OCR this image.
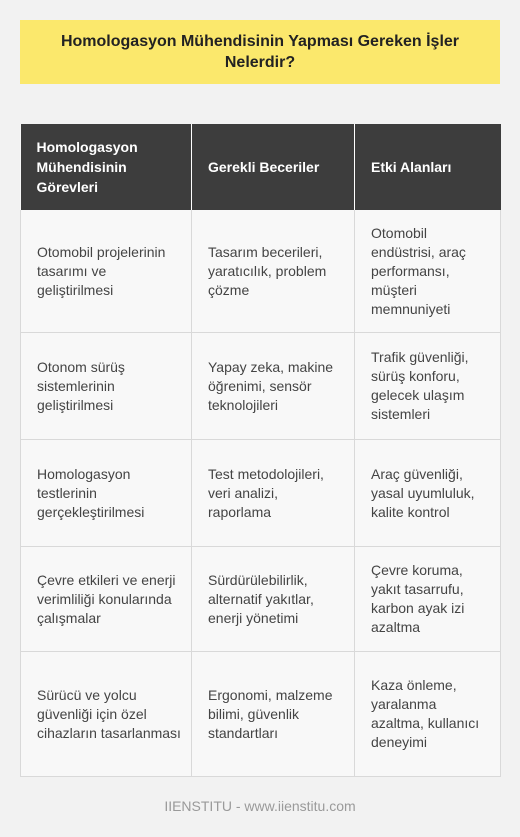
Homologasyon Mühendisinin Yapması Gereken İşler Nelerdir?
Homologasyon Mühendisinin Görevleri	Gerekli Beceriler	Etki Alanları
Otomobil projelerinin tasarımı ve geliştirilmesi	Tasarım becerileri, yaratıcılık, problem çözme	Otomobil endüstrisi, araç performansı, müşteri memnuniyeti
Otonom sürüş sistemlerinin geliştirilmesi	Yapay zeka, makine öğrenimi, sensör teknolojileri	Trafik güvenliği, sürüş konforu, gelecek ulaşım sistemleri
Homologasyon testlerinin gerçekleştirilmesi	Test metodolojileri, veri analizi, raporlama	Araç güvenliği, yasal uyumluluk, kalite kontrol
Çevre etkileri ve enerji verimliliği konularında çalışmalar	Sürdürülebilirlik, alternatif yakıtlar, enerji yönetimi	Çevre koruma, yakıt tasarrufu, karbon ayak izi azaltma
Sürücü ve yolcu güvenliği için özel cihazların tasarlanması	Ergonomi, malzeme bilimi, güvenlik standartları	Kaza önleme, yaralanma azaltma, kullanıcı deneyimi
IIENSTITU - www.iienstitu.com
